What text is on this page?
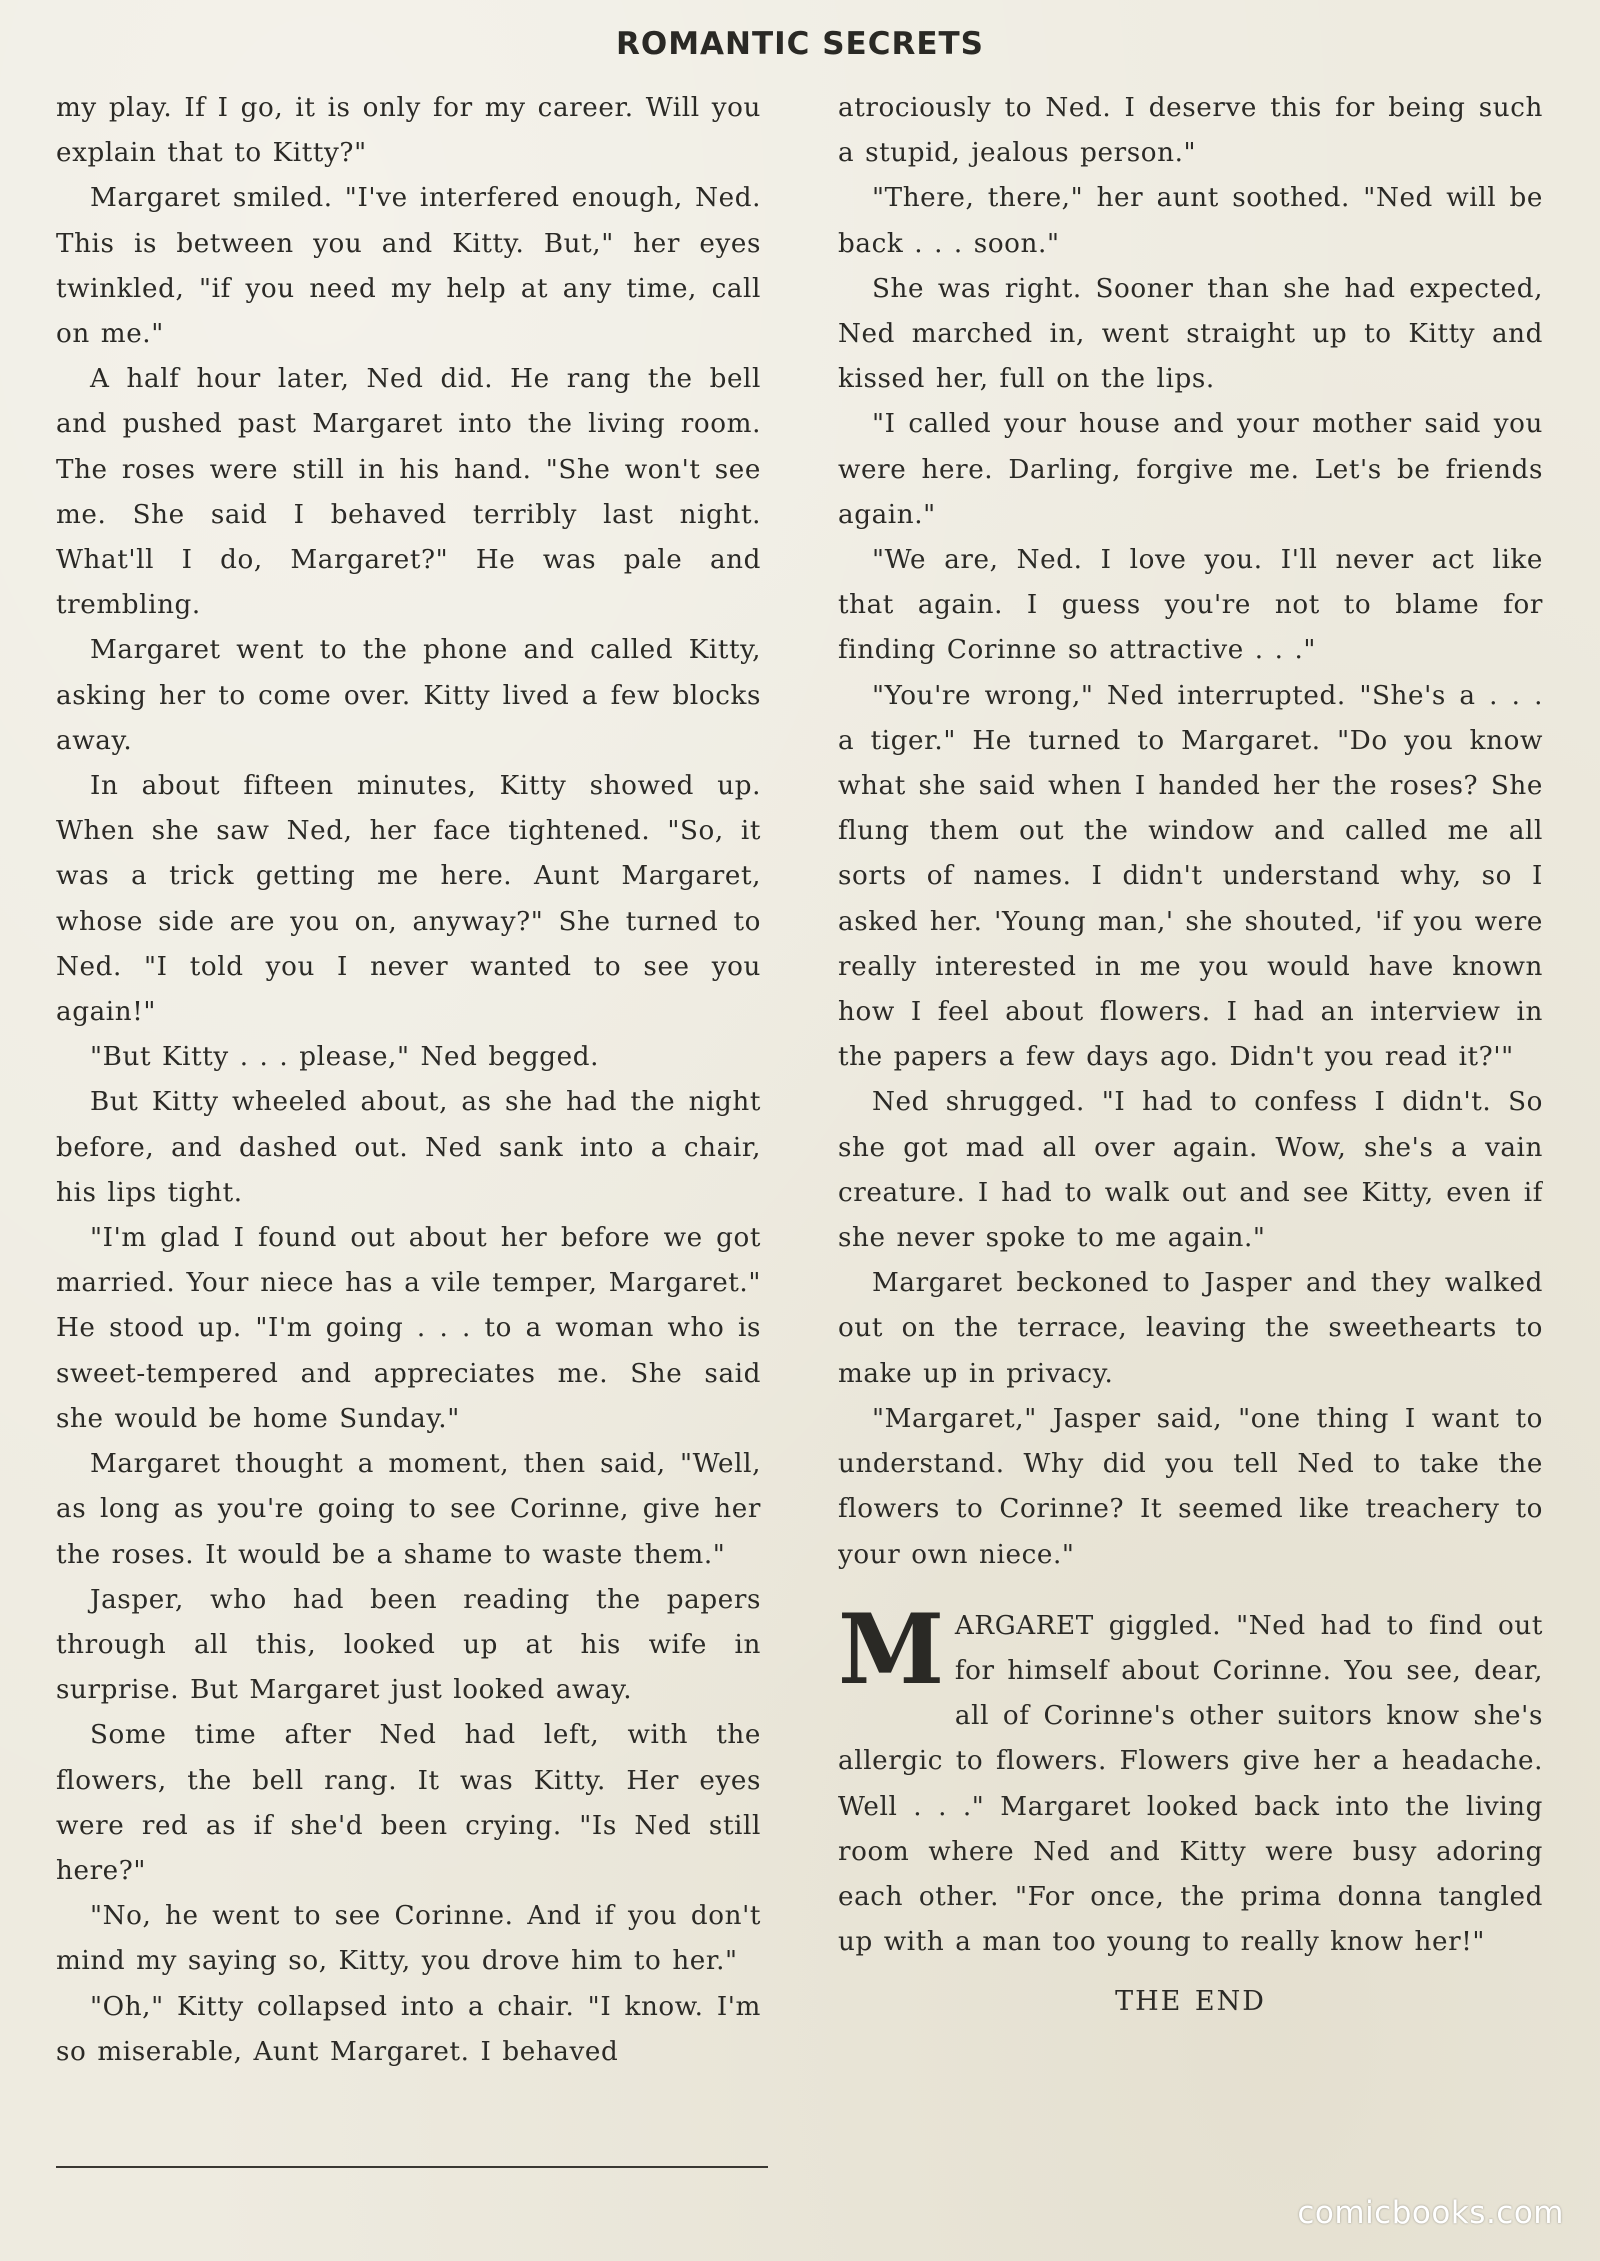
ROMANTIC SECRETS

my play. If I go, it is only for my career. Will you explain that to Kitty?"

Margaret smiled. "I've interfered enough, Ned. This is between you and Kitty. But," her eyes twinkled, "if you need my help at any time, call on me."

A half hour later, Ned did. He rang the bell and pushed past Margaret into the living room. The roses were still in his hand. "She won't see me. She said I behaved terribly last night. What'll I do, Margaret?" He was pale and trembling.

Margaret went to the phone and called Kitty, asking her to come over. Kitty lived a few blocks away.

In about fifteen minutes, Kitty showed up. When she saw Ned, her face tightened. "So, it was a trick getting me here. Aunt Margaret, whose side are you on, anyway?" She turned to Ned. "I told you I never wanted to see you again!"

"But Kitty . . . please," Ned begged.

But Kitty wheeled about, as she had the night before, and dashed out. Ned sank into a chair, his lips tight.

"I'm glad I found out about her before we got married. Your niece has a vile temper, Margaret." He stood up. "I'm going . . . to a woman who is sweet-tempered and appreciates me. She said she would be home Sunday."

Margaret thought a moment, then said, "Well, as long as you're going to see Corinne, give her the roses. It would be a shame to waste them."

Jasper, who had been reading the papers through all this, looked up at his wife in surprise. But Margaret just looked away.

Some time after Ned had left, with the flowers, the bell rang. It was Kitty. Her eyes were red as if she'd been crying. "Is Ned still here?"

"No, he went to see Corinne. And if you don't mind my saying so, Kitty, you drove him to her."

"Oh," Kitty collapsed into a chair. "I know. I'm so miserable, Aunt Margaret. I behaved

atrociously to Ned. I deserve this for being such a stupid, jealous person."

"There, there," her aunt soothed. "Ned will be back . . . soon."

She was right. Sooner than she had expected, Ned marched in, went straight up to Kitty and kissed her, full on the lips.

"I called your house and your mother said you were here. Darling, forgive me. Let's be friends again."

"We are, Ned. I love you. I'll never act like that again. I guess you're not to blame for finding Corinne so attractive . . ."

"You're wrong," Ned interrupted. "She's a . . . a tiger." He turned to Margaret. "Do you know what she said when I handed her the roses? She flung them out the window and called me all sorts of names. I didn't understand why, so I asked her. 'Young man,' she shouted, 'if you were really interested in me you would have known how I feel about flowers. I had an interview in the papers a few days ago. Didn't you read it?'"

Ned shrugged. "I had to confess I didn't. So she got mad all over again. Wow, she's a vain creature. I had to walk out and see Kitty, even if she never spoke to me again."

Margaret beckoned to Jasper and they walked out on the terrace, leaving the sweethearts to make up in privacy.

"Margaret," Jasper said, "one thing I want to understand. Why did you tell Ned to take the flowers to Corinne? It seemed like treachery to your own niece."

MARGARET giggled. "Ned had to find out for himself about Corinne. You see, dear, all of Corinne's other suitors know she's allergic to flowers. Flowers give her a headache. Well . . ." Margaret looked back into the living room where Ned and Kitty were busy adoring each other. "For once, the prima donna tangled up with a man too young to really know her!"

THE END

comicbooks.com
